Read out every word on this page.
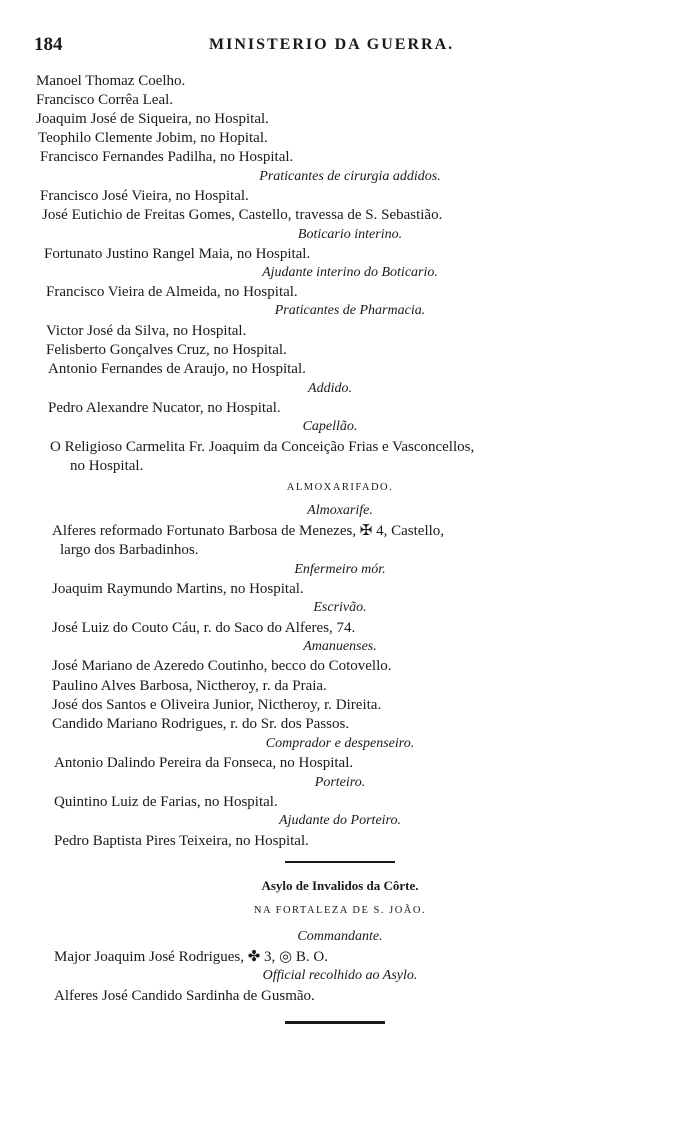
184	MINISTERIO DA GUERRA.
Manoel Thomaz Coelho.
Francisco Corrêa Leal.
Joaquim José de Siqueira, no Hospital.
Teophilo Clemente Jobim, no Hopital.
Francisco Fernandes Padilha, no Hospital.
Praticantes de cirurgia addidos.
Francisco José Vieira, no Hospital.
José Eutichio de Freitas Gomes, Castello, travessa de S. Sebastião.
Boticario interino.
Fortunato Justino Rangel Maia, no Hospital.
Ajudante interino do Boticario.
Francisco Vieira de Almeida, no Hospital.
Praticantes de Pharmacia.
Victor José da Silva, no Hospital.
Felisberto Gonçalves Cruz, no Hospital.
Antonio Fernandes de Araujo, no Hospital.
Addido.
Pedro Alexandre Nucator, no Hospital.
Capellão.
O Religioso Carmelita Fr. Joaquim da Conceição Frias e Vasconcellos,
no Hospital.
ALMOXARIFADO.
Almoxarife.
Alferes reformado Fortunato Barbosa de Menezes, ✠ 4, Castello,
largo dos Barbadinhos.
Enfermeiro mór.
Joaquim Raymundo Martins, no Hospital.
Escrivão.
José Luiz do Couto Cáu, r. do Saco do Alferes, 74.
Amanuenses.
José Mariano de Azeredo Coutinho, becco do Cotovello.
Paulino Alves Barbosa, Nictheroy, r. da Praia.
José dos Santos e Oliveira Junior, Nictheroy, r. Direita.
Candido Mariano Rodrigues, r. do Sr. dos Passos.
Comprador e despenseiro.
Antonio Dalindo Pereira da Fonseca, no Hospital.
Porteiro.
Quintino Luiz de Farias, no Hospital.
Ajudante do Porteiro.
Pedro Baptista Pires Teixeira, no Hospital.
Asylo de Invalidos da Côrte.
NA FORTALEZA DE S. JOÃO.
Commandante.
Major Joaquim José Rodrigues, ✤ 3, ◎ B. O.
Official recolhido ao Asylo.
Alferes José Candido Sardinha de Gusmão.
